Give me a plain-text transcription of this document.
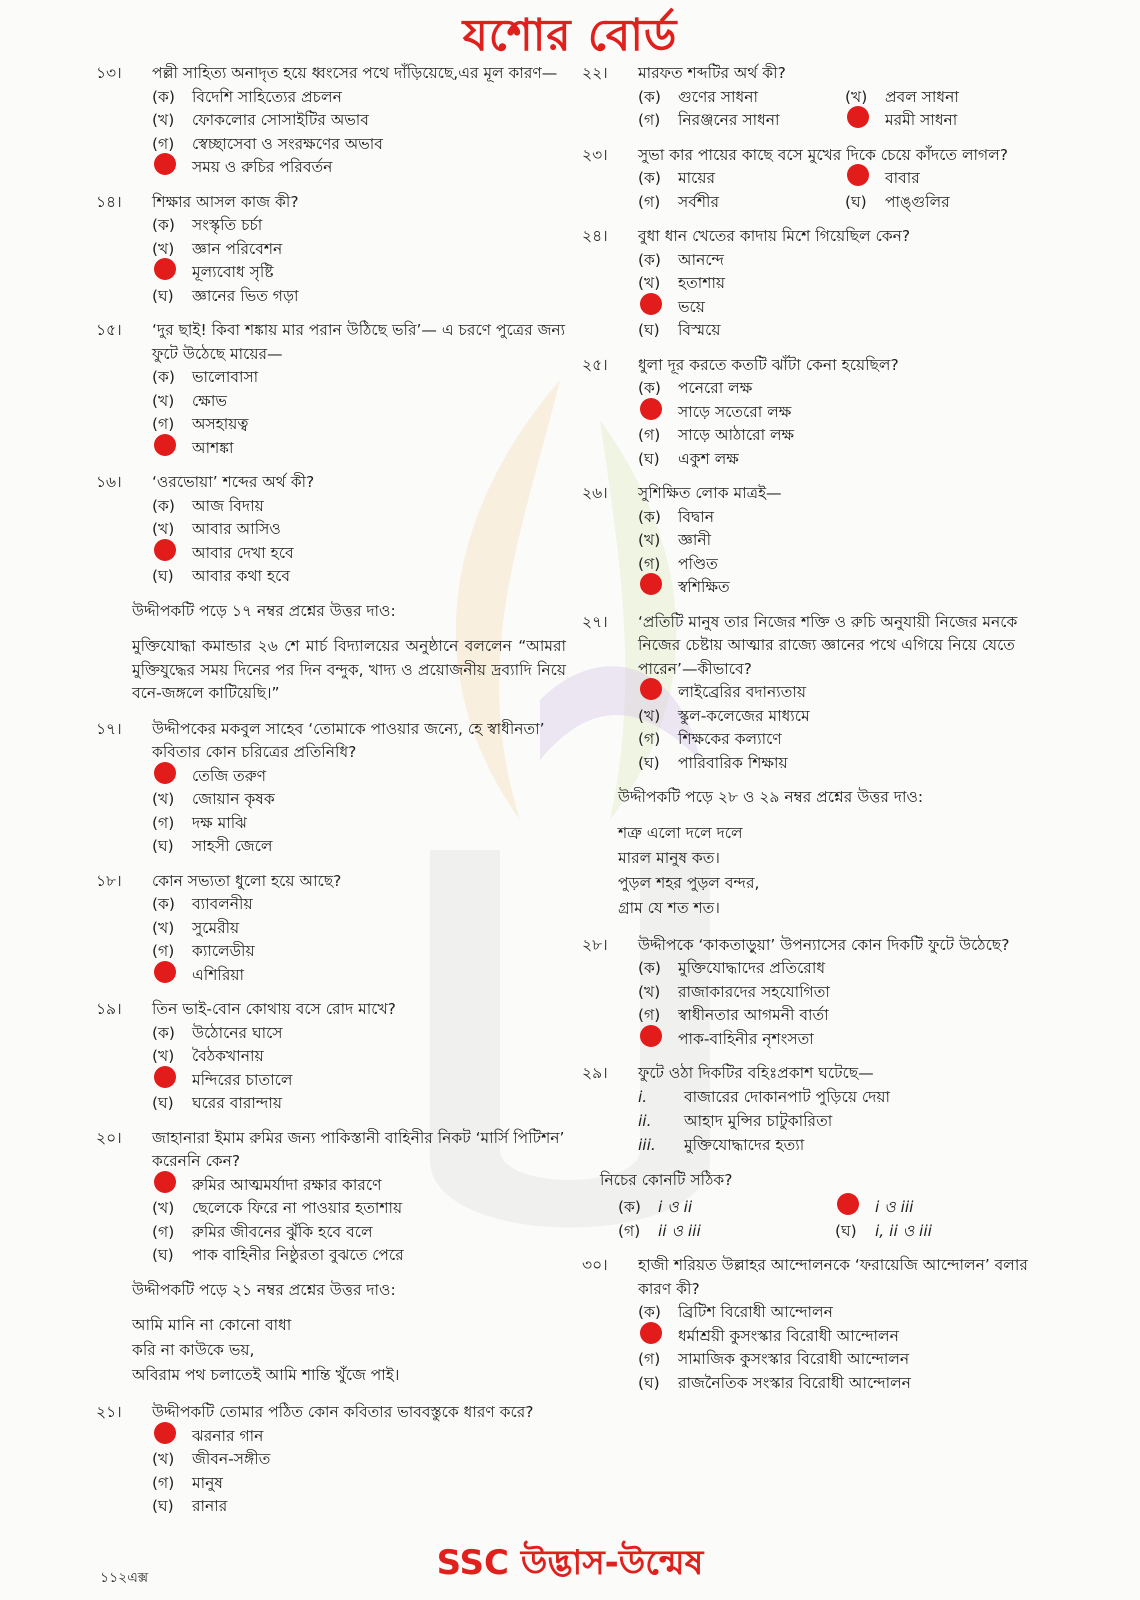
যশোর বোর্ড
১৩।	পল্লী সাহিত্য অনাদৃত হয়ে ধ্বংসের পথে দাঁড়িয়েছে,এর মূল কারণ—
(ক)	বিদেশি সাহিত্যের প্রচলন
(খ)	ফোকলোর সোসাইটির অভাব
(গ)	স্বেচ্ছাসেবা ও সংরক্ষণের অভাব
সময় ও রুচির পরিবর্তন
১৪।	শিক্ষার আসল কাজ কী?
(ক)	সংস্কৃতি চর্চা
(খ)	জ্ঞান পরিবেশন
মূল্যবোধ সৃষ্টি
(ঘ)	জ্ঞানের ভিত গড়া
১৫।	‘দুর ছাই! কিবা শঙ্কায় মার পরান উঠিছে ভরি’— এ চরণে পুত্রের জন্য ফুটে উঠেছে মায়ের—
(ক)	ভালোবাসা
(খ)	ক্ষোভ
(গ)	অসহায়ত্ব
আশঙ্কা
১৬।	‘ওরভোয়া’ শব্দের অর্থ কী?
(ক)	আজ বিদায়
(খ)	আবার আসিও
আবার দেখা হবে
(ঘ)	আবার কথা হবে
উদ্দীপকটি পড়ে ১৭ নম্বর প্রশ্নের উত্তর দাও:
মুক্তিযোদ্ধা কমান্ডার ২৬ শে মার্চ বিদ্যালয়ের অনুষ্ঠানে বললেন “আমরা মুক্তিযুদ্ধের সময় দিনের পর দিন বন্দুক, খাদ্য ও প্রয়োজনীয় দ্রব্যাদি নিয়ে বনে-জঙ্গলে কাটিয়েছি।”
১৭।	উদ্দীপকের মকবুল সাহেব ‘তোমাকে পাওয়ার জন্যে, হে স্বাধীনতা’ কবিতার কোন চরিত্রের প্রতিনিধি?
তেজি তরুণ
(খ)	জোয়ান কৃষক
(গ)	দক্ষ মাঝি
(ঘ)	সাহসী জেলে
১৮।	কোন সভ্যতা ধুলো হয়ে আছে?
(ক)	ব্যাবলনীয়
(খ)	সুমেরীয়
(গ)	ক্যালেডীয়
এশিরিয়া
১৯।	তিন ভাই-বোন কোথায় বসে রোদ মাখে?
(ক)	উঠোনের ঘাসে
(খ)	বৈঠকখানায়
মন্দিরের চাতালে
(ঘ)	ঘরের বারান্দায়
২০।	জাহানারা ইমাম রুমির জন্য পাকিস্তানী বাহিনীর নিকট ‘মার্সি পিটিশন’ করেননি কেন?
রুমির আত্মমর্যাদা রক্ষার কারণে
(খ)	ছেলেকে ফিরে না পাওয়ার হতাশায়
(গ)	রুমির জীবনের ঝুঁকি হবে বলে
(ঘ)	পাক বাহিনীর নিষ্ঠুরতা বুঝতে পেরে
উদ্দীপকটি পড়ে ২১ নম্বর প্রশ্নের উত্তর দাও:
আমি মানি না কোনো বাধা
করি না কাউকে ভয়,
অবিরাম পথ চলাতেই আমি শান্তি খুঁজে পাই।
২১।	উদ্দীপকটি তোমার পঠিত কোন কবিতার ভাববস্তুকে ধারণ করে?
ঝরনার গান
(খ)	জীবন-সঙ্গীত
(গ)	মানুষ
(ঘ)	রানার
২২।	মারফত শব্দটির অর্থ কী?
(ক)	গুণের সাধনা	(খ)	প্রবল সাধনা
(গ)	নিরঞ্জনের সাধনা	মরমী সাধনা
২৩।	সুভা কার পায়ের কাছে বসে মুখের দিকে চেয়ে কাঁদতে লাগল?
(ক)	মায়ের	বাবার
(গ)	সর্বশীর	(ঘ)	পাঙ্গুলির
২৪।	বুধা ধান খেতের কাদায় মিশে গিয়েছিল কেন?
(ক)	আনন্দে
(খ)	হতাশায়
ভয়ে
(ঘ)	বিস্ময়ে
২৫।	ধুলা দূর করতে কতটি ঝাঁটা কেনা হয়েছিল?
(ক)	পনেরো লক্ষ
সাড়ে সতেরো লক্ষ
(গ)	সাড়ে আঠারো লক্ষ
(ঘ)	একুশ লক্ষ
২৬।	সুশিক্ষিত লোক মাত্রই—
(ক)	বিদ্বান
(খ)	জ্ঞানী
(গ)	পণ্ডিত
স্বশিক্ষিত
২৭।	‘প্রতিটি মানুষ তার নিজের শক্তি ও রুচি অনুযায়ী নিজের মনকে নিজের চেষ্টায় আত্মার রাজ্যে জ্ঞানের পথে এগিয়ে নিয়ে যেতে পারেন’—কীভাবে?
লাইব্রেরির বদান্যতায়
(খ)	স্কুল-কলেজের মাধ্যমে
(গ)	শিক্ষকের কল্যাণে
(ঘ)	পারিবারিক শিক্ষায়
উদ্দীপকটি পড়ে ২৮ ও ২৯ নম্বর প্রশ্নের উত্তর দাও:
শত্রু এলো দলে দলে
মারল মানুষ কত।
পুড়ল শহর পুড়ল বন্দর,
গ্রাম যে শত শত।
২৮।	উদ্দীপকে ‘কাকতাড়ুয়া’ উপন্যাসের কোন দিকটি ফুটে উঠেছে?
(ক)	মুক্তিযোদ্ধাদের প্রতিরোধ
(খ)	রাজাকারদের সহযোগিতা
(গ)	স্বাধীনতার আগমনী বার্তা
পাক-বাহিনীর নৃশংসতা
২৯।	ফুটে ওঠা দিকটির বহিঃপ্রকাশ ঘটেছে—
i.	বাজারের দোকানপাট পুড়িয়ে দেয়া
ii.	আহাদ মুন্সির চাটুকারিতা
iii.	মুক্তিযোদ্ধাদের হত্যা
নিচের কোনটি সঠিক?
(ক)	i ও ii	i ও iii
(গ)	ii ও iii	(ঘ)	i, ii ও iii
৩০।	হাজী শরিয়ত উল্লাহর আন্দোলনকে ‘ফরায়েজি আন্দোলন’ বলার কারণ কী?
(ক)	ব্রিটিশ বিরোধী আন্দোলন
ধর্মাশ্রয়ী কুসংস্কার বিরোধী আন্দোলন
(গ)	সামাজিক কুসংস্কার বিরোধী আন্দোলন
(ঘ)	রাজনৈতিক সংস্কার বিরোধী আন্দোলন
১১২এক্স	SSC উদ্ভাস-উন্মেষ
